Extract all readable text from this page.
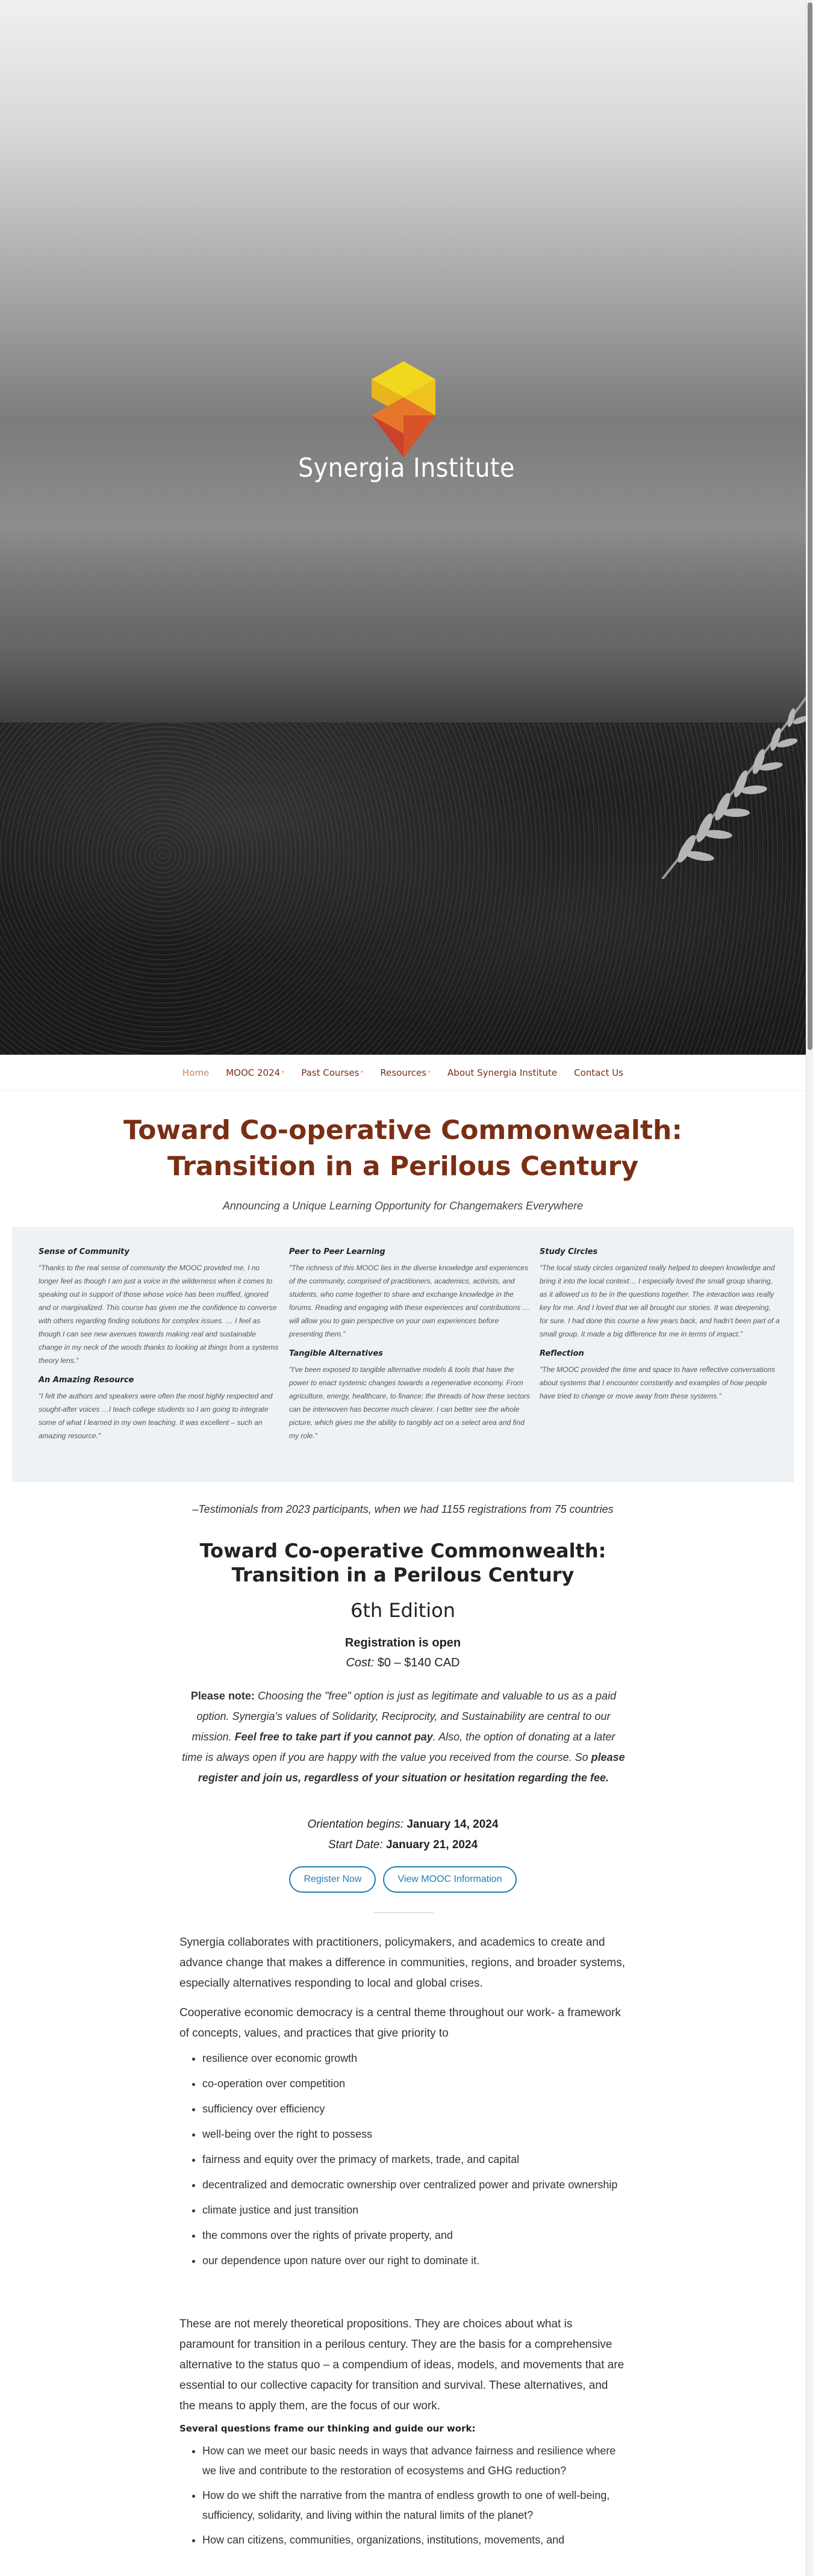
Synergia Institute
Home MOOC 2024 ˅ Past Courses ˅ Resources ˅ About Synergia Institute Contact Us
Toward Co-operative Commonwealth:
Transition in a Perilous Century
Announcing a Unique Learning Opportunity for Changemakers Everywhere
Sense of Community

"Thanks to the real sense of community the MOOC provided me, I no longer feel as though I am just a voice in the wilderness when it comes to speaking out in support of those whose voice has been muffled, ignored and or marginalized. This course has given me the confidence to converse with others regarding finding solutions for complex issues. … I feel as though I can see new avenues towards making real and sustainable change in my neck of the woods thanks to looking at things from a systems theory lens."

An Amazing Resource

"I felt the authors and speakers were often the most highly respected and sought-after voices …I teach college students so I am going to integrate some of what I learned in my own teaching. It was excellent – such an amazing resource."

Peer to Peer Learning

"The richness of this MOOC lies in the diverse knowledge and experiences of the community, comprised of practitioners, academics, activists, and students, who come together to share and exchange knowledge in the forums. Reading and engaging with these experiences and contributions … will allow you to gain perspective on your own experiences before presenting them."

Tangible Alternatives

"I've been exposed to tangible alternative models & tools that have the power to enact systemic changes towards a regenerative economy. From agriculture, energy, healthcare, to finance; the threads of how these sectors can be interwoven has become much clearer. I can better see the whole picture, which gives me the ability to tangibly act on a select area and find my role."

Study Circles

"The local study circles organized really helped to deepen knowledge and bring it into the local context… I especially loved the small group sharing, as it allowed us to be in the questions together. The interaction was really key for me. And I loved that we all brought our stories. It was deepening, for sure. I had done this course a few years back, and hadn't been part of a small group. It made a big difference for me in terms of impact."

Reflection

"The MOOC provided the time and space to have reflective conversations about systems that I encounter constantly and examples of how people have tried to change or move away from these systems."

–Testimonials from 2023 participants, when we had 1155 registrations from 75 countries
Toward Co-operative Commonwealth:
Transition in a Perilous Century
6th Edition
Registration is open
Cost: $0 – $140 CAD
Please note: Choosing the "free" option is just as legitimate and valuable to us as a paid option. Synergia's values of Solidarity, Reciprocity, and Sustainability are central to our mission. Feel free to take part if you cannot pay. Also, the option of donating at a later time is always open if you are happy with the value you received from the course. So please register and join us, regardless of your situation or hesitation regarding the fee.
Orientation begins: January 14, 2024
Start Date: January 21, 2024
Register Now	View MOOC Information

Synergia collaborates with practitioners, policymakers, and academics to create and advance change that makes a difference in communities, regions, and broader systems, especially alternatives responding to local and global crises.

Cooperative economic democracy is a central theme throughout our work- a framework of concepts, values, and practices that give priority to

• resilience over economic growth
• co-operation over competition
• sufficiency over efficiency
• well-being over the right to possess
• fairness and equity over the primacy of markets, trade, and capital
• decentralized and democratic ownership over centralized power and private ownership
• climate justice and just transition
• the commons over the rights of private property, and
• our dependence upon nature over our right to dominate it.

These are not merely theoretical propositions. They are choices about what is paramount for transition in a perilous century. They are the basis for a comprehensive alternative to the status quo – a compendium of ideas, models, and movements that are essential to our collective capacity for transition and survival. These alternatives, and the means to apply them, are the focus of our work.

Several questions frame our thinking and guide our work:
• How can we meet our basic needs in ways that advance fairness and resilience where we live and contribute to the restoration of ecosystems and GHG reduction?
• How do we shift the narrative from the mantra of endless growth to one of well-being, sufficiency, solidarity, and living within the natural limits of the planet?
• How can citizens, communities, organizations, institutions, movements, and
